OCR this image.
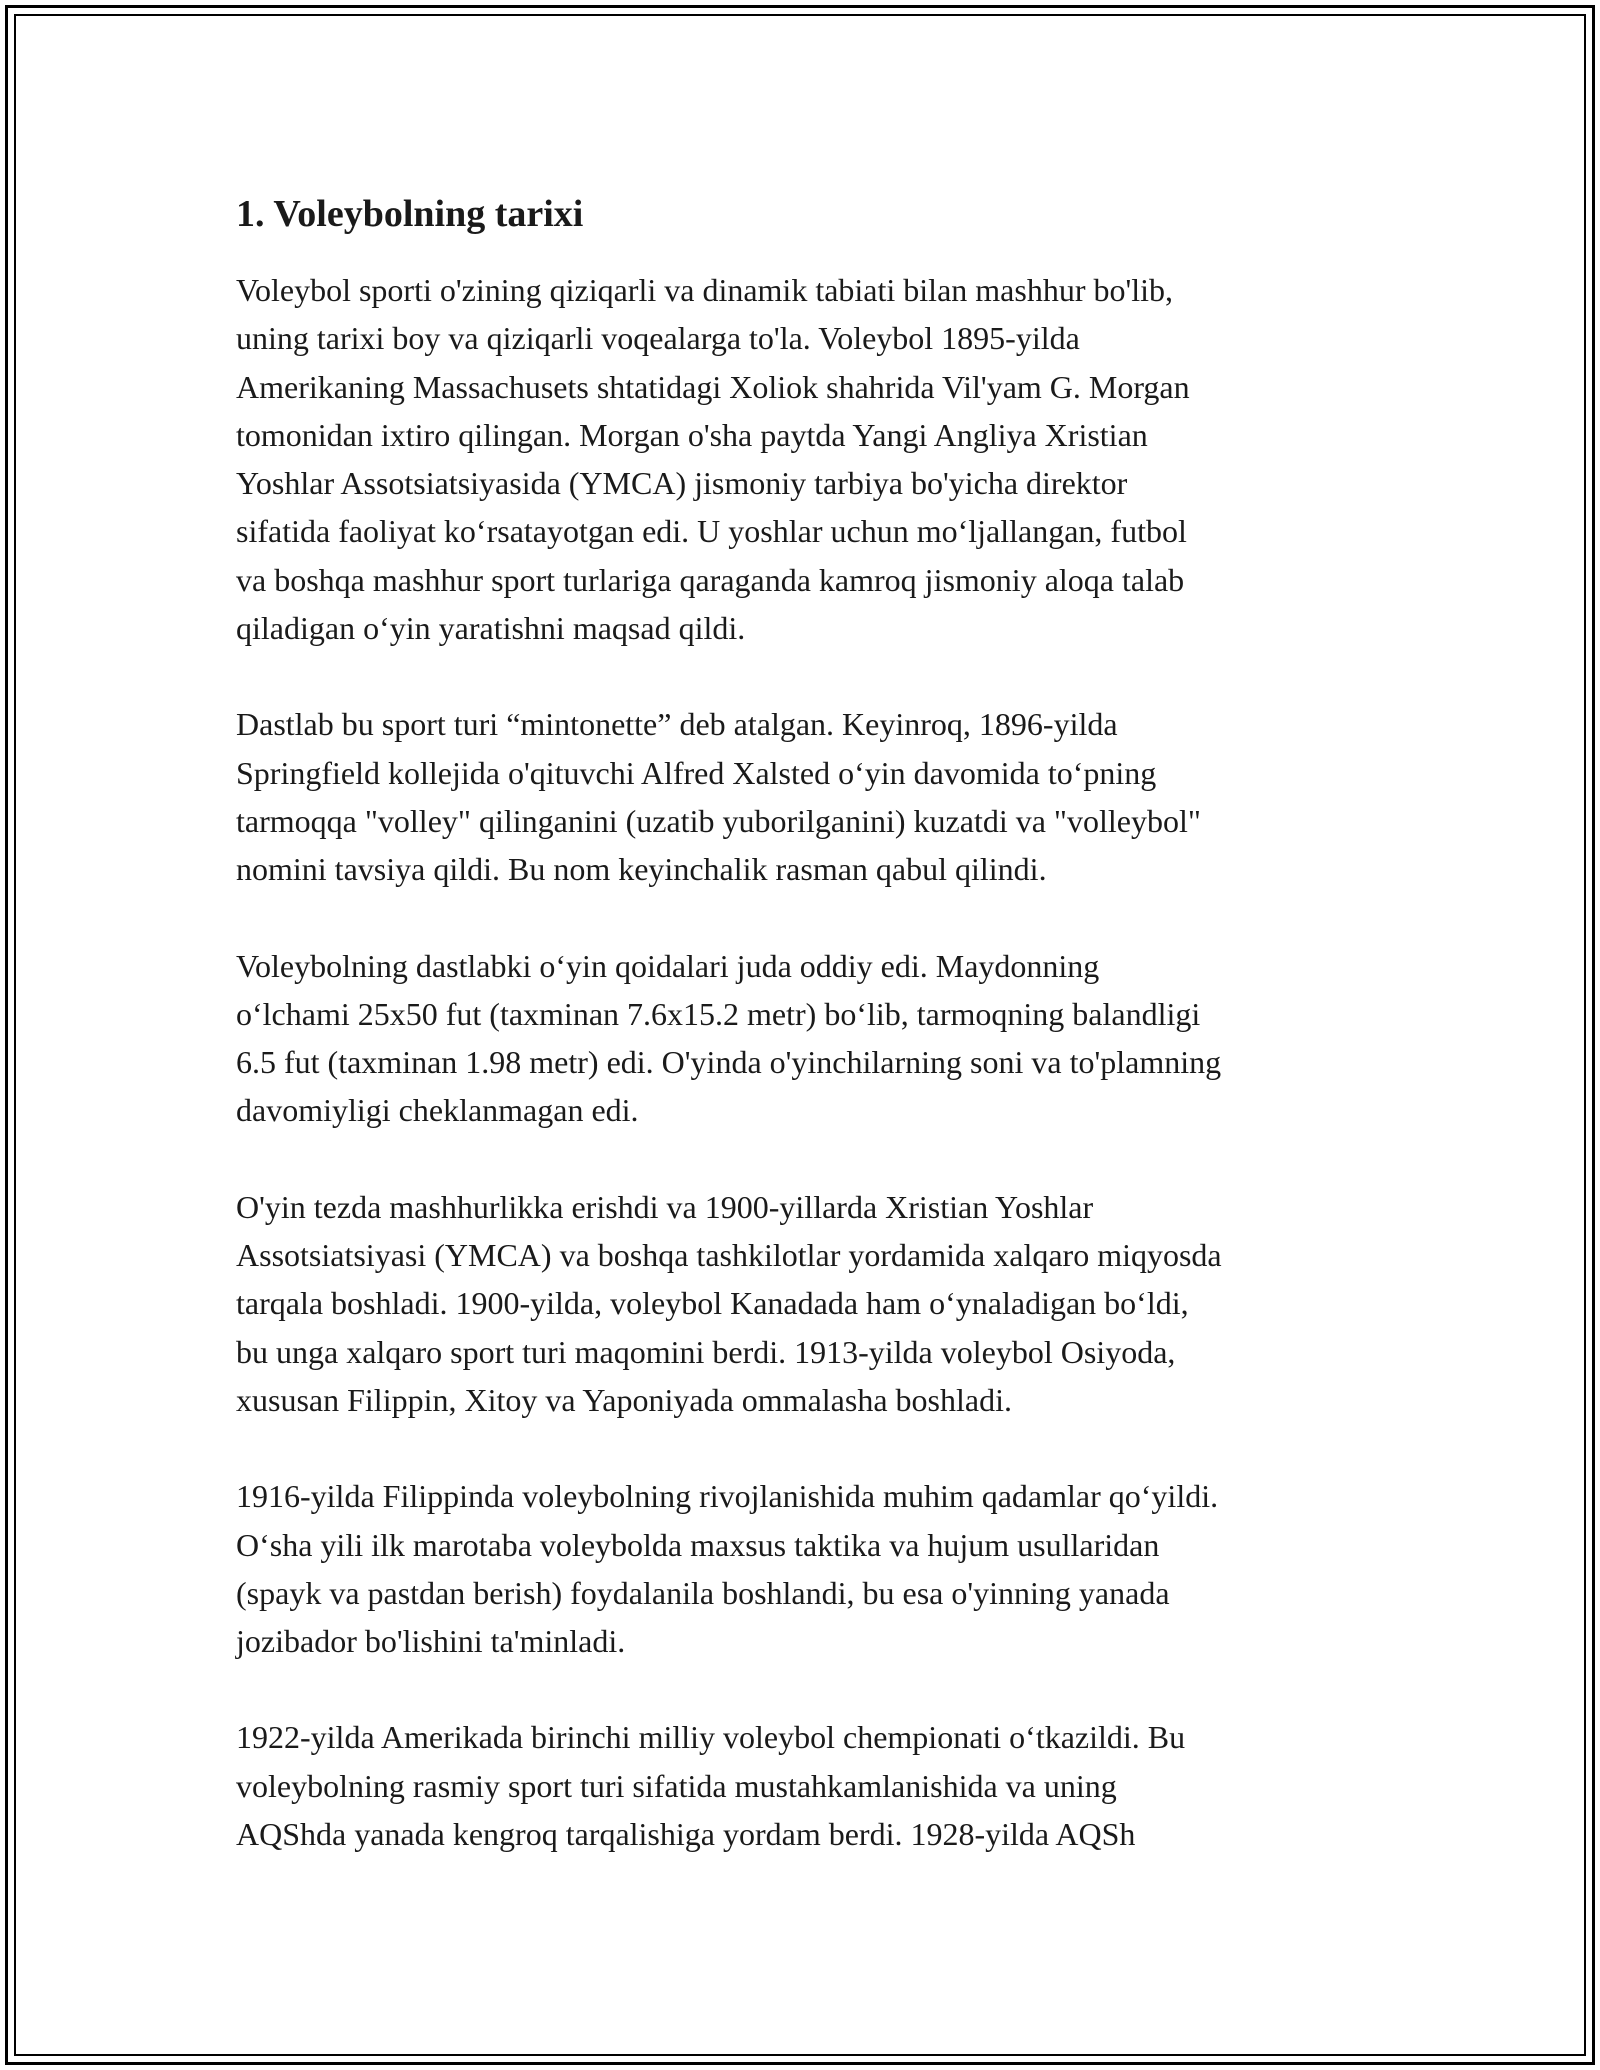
1. Voleybolning tarixi
Voleybol sporti o'zining qiziqarli va dinamik tabiati bilan mashhur bo'lib,
uning tarixi boy va qiziqarli voqealarga to'la. Voleybol 1895-yilda
Amerikaning Massachusets shtatidagi Xoliok shahrida Vil'yam G. Morgan
tomonidan ixtiro qilingan. Morgan o'sha paytda Yangi Angliya Xristian
Yoshlar Assotsiatsiyasida (YMCA) jismoniy tarbiya bo'yicha direktor
sifatida faoliyat ko‘rsatayotgan edi. U yoshlar uchun mo‘ljallangan, futbol
va boshqa mashhur sport turlariga qaraganda kamroq jismoniy aloqa talab
qiladigan o‘yin yaratishni maqsad qildi.
Dastlab bu sport turi “mintonette” deb atalgan. Keyinroq, 1896-yilda
Springfield kollejida o'qituvchi Alfred Xalsted o‘yin davomida to‘pning
tarmoqqa "volley" qilinganini (uzatib yuborilganini) kuzatdi va "volleybol"
nomini tavsiya qildi. Bu nom keyinchalik rasman qabul qilindi.
Voleybolning dastlabki o‘yin qoidalari juda oddiy edi. Maydonning
o‘lchami 25x50 fut (taxminan 7.6x15.2 metr) bo‘lib, tarmoqning balandligi
6.5 fut (taxminan 1.98 metr) edi. O'yinda o'yinchilarning soni va to'plamning
davomiyligi cheklanmagan edi.
O'yin tezda mashhurlikka erishdi va 1900-yillarda Xristian Yoshlar
Assotsiatsiyasi (YMCA) va boshqa tashkilotlar yordamida xalqaro miqyosda
tarqala boshladi. 1900-yilda, voleybol Kanadada ham o‘ynaladigan bo‘ldi,
bu unga xalqaro sport turi maqomini berdi. 1913-yilda voleybol Osiyoda,
xususan Filippin, Xitoy va Yaponiyada ommalasha boshladi.
1916-yilda Filippinda voleybolning rivojlanishida muhim qadamlar qo‘yildi.
O‘sha yili ilk marotaba voleybolda maxsus taktika va hujum usullaridan
(spayk va pastdan berish) foydalanila boshlandi, bu esa o'yinning yanada
jozibador bo'lishini ta'minladi.
1922-yilda Amerikada birinchi milliy voleybol chempionati o‘tkazildi. Bu
voleybolning rasmiy sport turi sifatida mustahkamlanishida va uning
AQShda yanada kengroq tarqalishiga yordam berdi. 1928-yilda AQSh
